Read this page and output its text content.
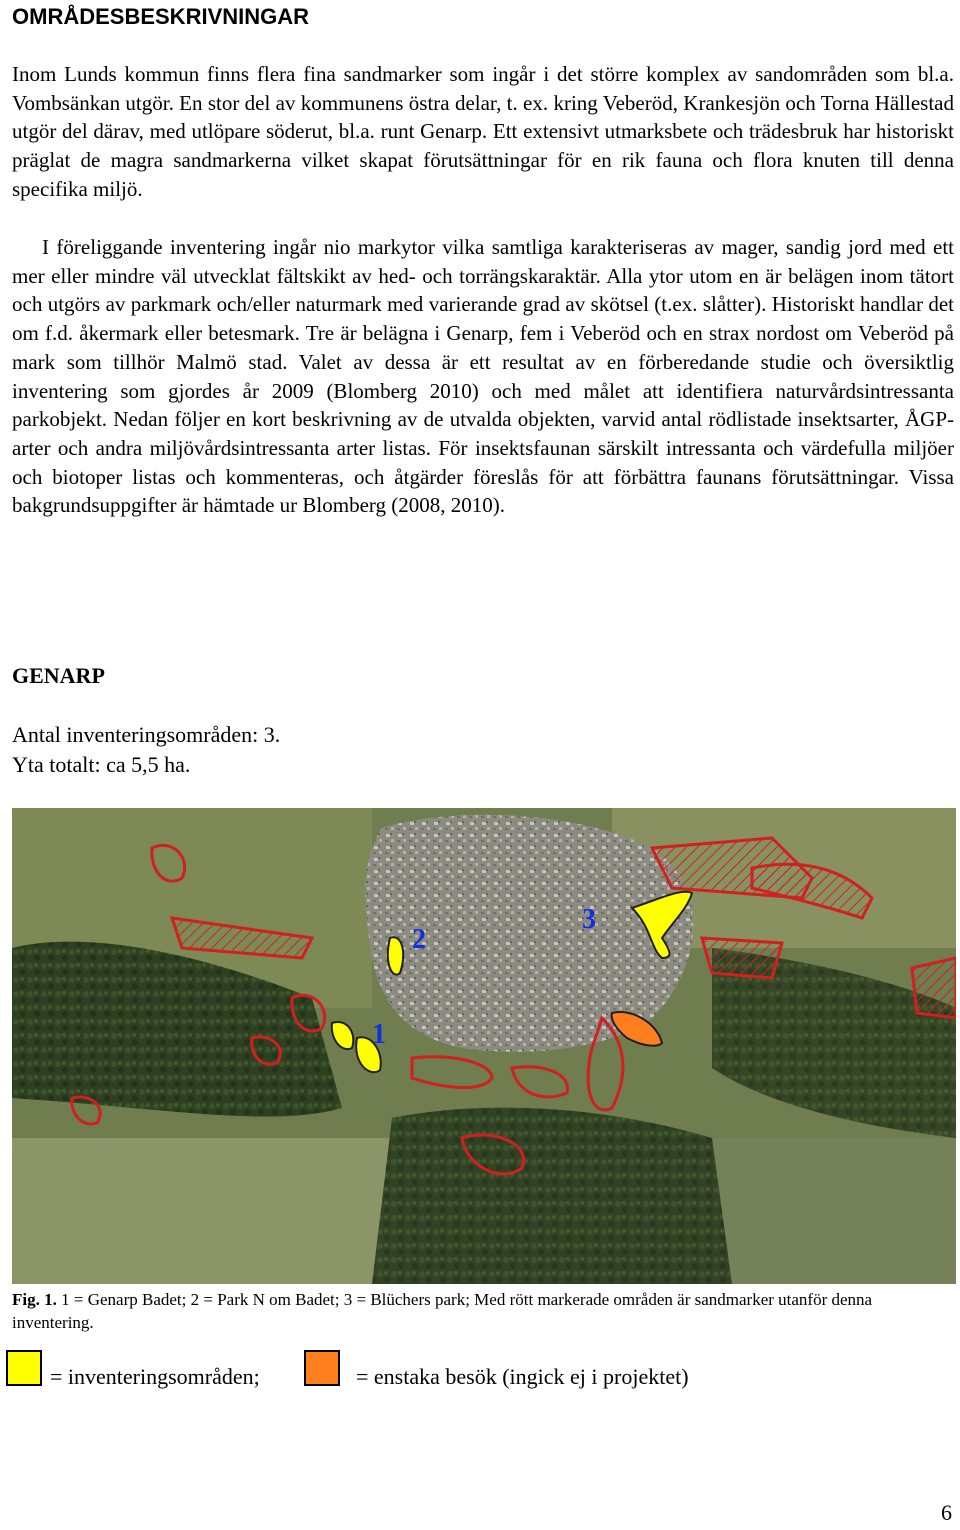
OMRÅDESBESKRIVNINGAR

Inom Lunds kommun finns flera fina sandmarker som ingår i det större komplex av sandområden som bl.a. Vombsänkan utgör. En stor del av kommunens östra delar, t. ex. kring Veberöd, Krankesjön och Torna Hällestad utgör del därav, med utlöpare söderut, bl.a. runt Genarp. Ett extensivt utmarksbete och trädesbruk har historiskt präglat de magra sandmarkerna vilket skapat förutsättningar för en rik fauna och flora knuten till denna specifika miljö.

I föreliggande inventering ingår nio markytor vilka samtliga karakteriseras av mager, sandig jord med ett mer eller mindre väl utvecklat fältskikt av hed- och torrängskaraktär. Alla ytor utom en är belägen inom tätort och utgörs av parkmark och/eller naturmark med varierande grad av skötsel (t.ex. slåtter). Historiskt handlar det om f.d. åkermark eller betesmark. Tre är belägna i Genarp, fem i Veberöd och en strax nordost om Veberöd på mark som tillhör Malmö stad. Valet av dessa är ett resultat av en förberedande studie och översiktlig inventering som gjordes år 2009 (Blomberg 2010) och med målet att identifiera naturvårdsintressanta parkobjekt. Nedan följer en kort beskrivning av de utvalda objekten, varvid antal rödlistade insektsarter, ÅGP-arter och andra miljövårdsintressanta arter listas. För insektsfaunan särskilt intressanta och värdefulla miljöer och biotoper listas och kommenteras, och åtgärder föreslås för att förbättra faunans förutsättningar. Vissa bakgrundsuppgifter är hämtade ur Blomberg (2008, 2010).

GENARP

Antal inventeringsområden: 3.

Yta totalt: ca 5,5 ha.

1
2
3

Fig. 1. 1 = Genarp Badet; 2 = Park N om Badet; 3 = Blüchers park; Med rött markerade områden är sandmarker utanför denna inventering.

= inventeringsområden;	= enstaka besök (ingick ej i projektet)
6
